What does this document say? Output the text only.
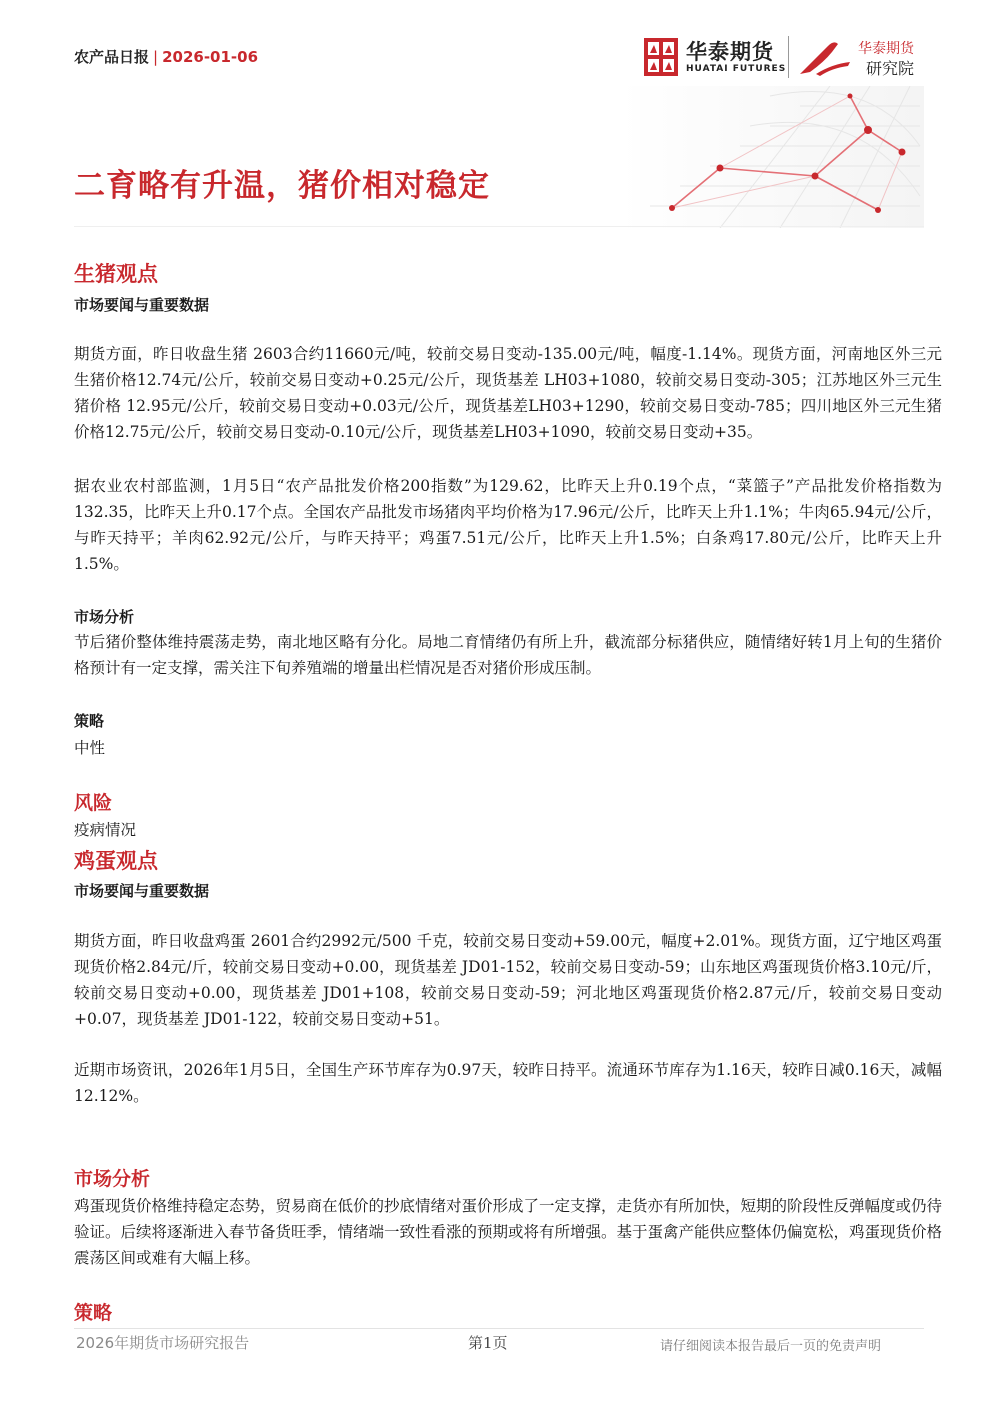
农产品日报 | 2026-01-06	华泰期货
HUATAI FUTURES
华泰期货
研究院
二育略有升温，猪价相对稳定
生猪观点
市场要闻与重要数据
期货方面，昨日收盘生猪 2603合约11660元/吨，较前交易日变动-135.00元/吨，幅度-1.14%。现货方面，河南地区外三元生猪价格12.74元/公斤，较前交易日变动+0.25元/公斤，现货基差 LH03+1080，较前交易日变动-305；江苏地区外三元生猪价格 12.95元/公斤，较前交易日变动+0.03元/公斤，现货基差LH03+1290，较前交易日变动-785；四川地区外三元生猪价格12.75元/公斤，较前交易日变动-0.10元/公斤，现货基差LH03+1090，较前交易日变动+35。
据农业农村部监测，1月5日“农产品批发价格200指数”为129.62，比昨天上升0.19个点，“菜篮子”产品批发价格指数为132.35，比昨天上升0.17个点。全国农产品批发市场猪肉平均价格为17.96元/公斤，比昨天上升1.1%；牛肉65.94元/公斤，与昨天持平；羊肉62.92元/公斤，与昨天持平；鸡蛋7.51元/公斤，比昨天上升1.5%；白条鸡17.80元/公斤，比昨天上升1.5%。
市场分析
节后猪价整体维持震荡走势，南北地区略有分化。局地二育情绪仍有所上升，截流部分标猪供应，随情绪好转1月上旬的生猪价格预计有一定支撑，需关注下旬养殖端的增量出栏情况是否对猪价形成压制。
策略
中性
风险
疫病情况
鸡蛋观点
市场要闻与重要数据
期货方面，昨日收盘鸡蛋 2601合约2992元/500 千克，较前交易日变动+59.00元，幅度+2.01%。现货方面，辽宁地区鸡蛋现货价格2.84元/斤，较前交易日变动+0.00，现货基差 JD01-152，较前交易日变动-59；山东地区鸡蛋现货价格3.10元/斤，较前交易日变动+0.00，现货基差 JD01+108，较前交易日变动-59；河北地区鸡蛋现货价格2.87元/斤，较前交易日变动+0.07，现货基差 JD01-122，较前交易日变动+51。
近期市场资讯，2026年1月5日，全国生产环节库存为0.97天，较昨日持平。流通环节库存为1.16天，较昨日减0.16天，减幅12.12%。
市场分析
鸡蛋现货价格维持稳定态势，贸易商在低价的抄底情绪对蛋价形成了一定支撑，走货亦有所加快，短期的阶段性反弹幅度或仍待验证。后续将逐渐进入春节备货旺季，情绪端一致性看涨的预期或将有所增强。基于蛋禽产能供应整体仍偏宽松，鸡蛋现货价格震荡区间或难有大幅上移。
策略
2026年期货市场研究报告	第1页	请仔细阅读本报告最后一页的免责声明
